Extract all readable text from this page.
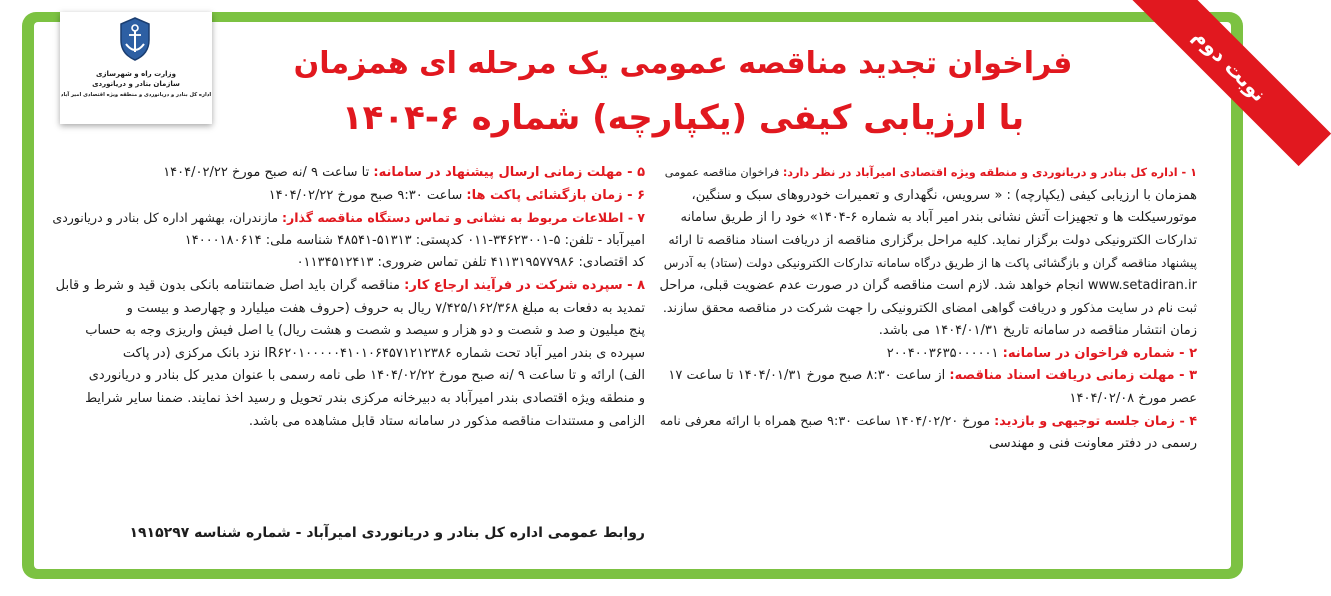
وزارت راه و شهرسازی
سازمان بنادر و دریانوردی
اداره کل بنادر و دریانوردی و منطقه ویژه اقتصادی امیر آباد	نوبت دوم
فراخوان تجدید مناقصه عمومی یک مرحله ای همزمان
با ارزیابی کیفی (یکپارچه) شماره ۶-۱۴۰۴

۱ - اداره کل بنادر و دریانوردی و منطقه ویژه اقتصادی امیرآباد در نظر دارد: فراخوان مناقصه عمومی

همزمان با ارزیابی کیفی (یکپارچه) : « سرویس، نگهداری و تعمیرات خودروهای سبک و سنگین،

موتورسیکلت ها و تجهیزات آتش نشانی بندر امیر آباد به شماره ۶-۱۴۰۴» خود را از طریق سامانه

تدارکات الکترونیکی دولت برگزار نماید. کلیه مراحل برگزاری مناقصه از دریافت اسناد مناقصه تا ارائه

پیشنهاد مناقصه گران و بازگشائی پاکت ها از طریق درگاه سامانه تدارکات الکترونیکی دولت (ستاد) به آدرس

www.setadiran.ir انجام خواهد شد. لازم است مناقصه گران در صورت عدم عضویت قبلی، مراحل

ثبت نام در سایت مذکور و دریافت گواهی امضای الکترونیکی را جهت شرکت در مناقصه محقق سازند.

زمان انتشار مناقصه در سامانه تاریخ ۱۴۰۴/۰۱/۳۱ می باشد.

۲ - شماره فراخوان در سامانه: ۲۰۰۴۰۰۳۶۳۵۰۰۰۰۰۱

۳ - مهلت زمانی دریافت اسناد مناقصه: از ساعت ۸:۳۰ صبح مورخ ۱۴۰۴/۰۱/۳۱ تا ساعت ۱۷

عصر مورخ ۱۴۰۴/۰۲/۰۸

۴ - زمان جلسه توجیهی و بازدید: مورخ ۱۴۰۴/۰۲/۲۰ ساعت ۹:۳۰ صبح همراه با ارائه معرفی نامه

رسمی در دفتر معاونت فنی و مهندسی

۵ - مهلت زمانی ارسال پیشنهاد در سامانه: تا ساعت ۹ /نه صبح مورخ ۱۴۰۴/۰۲/۲۲

۶ - زمان بازگشائی پاکت ها: ساعت ۹:۳۰ صبح مورخ ۱۴۰۴/۰۲/۲۲

۷ - اطلاعات مربوط به نشانی و تماس دستگاه مناقصه گذار: مازندران، بهشهر اداره کل بنادر و دریانوردی

امیرآباد - تلفن: ۵-۳۴۶۲۳۰۰۱-۰۱۱ کدپستی: ۵۱۳۱۳-۴۸۵۴۱ شناسه ملی: ۱۴۰۰۰۱۸۰۶۱۴

کد اقتصادی: ۴۱۱۳۱۹۵۷۷۹۸۶ تلفن تماس ضروری: ۰۱۱۳۴۵۱۲۴۱۳

۸ - سپرده شرکت در فرآیند ارجاع کار: مناقصه گران باید اصل ضمانتنامه بانکی بدون قید و شرط و قابل

تمدید به دفعات به مبلغ ۷/۴۲۵/۱۶۲/۳۶۸ ریال به حروف (حروف هفت میلیارد و چهارصد و بیست و

پنج میلیون و صد و شصت و دو هزار و سیصد و شصت و هشت ریال) یا اصل فیش واریزی وجه به حساب

سپرده ی بندر امیر آباد تحت شماره IR۶۲۰۱۰۰۰۰۰۴۱۰۱۰۶۴۵۷۱۲۱۲۳۸۶ نزد بانک مرکزی (در پاکت

الف) ارائه و تا ساعت ۹ /نه صبح مورخ ۱۴۰۴/۰۲/۲۲ طی نامه رسمی با عنوان مدیر کل بنادر و دریانوردی

و منطقه ویژه اقتصادی بندر امیرآباد به دبیرخانه مرکزی بندر تحویل و رسید اخذ نمایند. ضمنا سایر شرایط

الزامی و مستندات مناقصه مذکور در سامانه ستاد قابل مشاهده می باشد.

روابط عمومی اداره کل بنادر و دریانوردی امیرآباد - شماره شناسه ۱۹۱۵۲۹۷
